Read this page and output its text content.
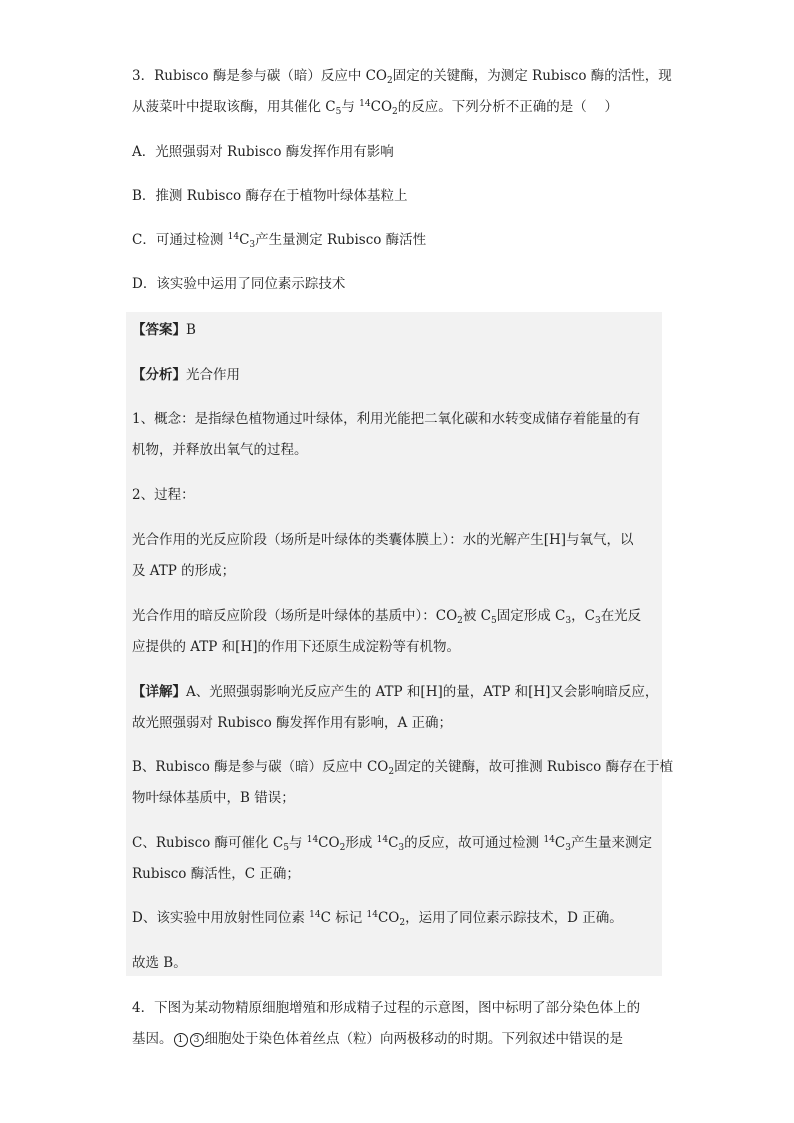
3．Rubisco 酶是参与碳（暗）反应中 $CO_2$固定的关键酶，为测定 Rubisco 酶的活性，现
从菠菜叶中提取该酶，用其催化 $C_5$与 $^{14}CO_2$的反应。下列分析不正确的是（　 ）
A．光照强弱对 Rubisco 酶发挥作用有影响
B．推测 Rubisco 酶存在于植物叶绿体基粒上
C．可通过检测 $^{14}C_3$产生量测定 Rubisco 酶活性
D．该实验中运用了同位素示踪技术
【答案】B
【分析】光合作用
1、概念：是指绿色植物通过叶绿体，利用光能把二氧化碳和水转变成储存着能量的有
机物，并释放出氧气的过程。
2、过程：
光合作用的光反应阶段（场所是叶绿体的类囊体膜上）：水的光解产生[H]与氧气，以
及 ATP 的形成；
光合作用的暗反应阶段（场所是叶绿体的基质中）：$CO_2$被 $C_5$固定形成 $C_3$，$C_3$在光反
应提供的 ATP 和[H]的作用下还原生成淀粉等有机物。
【详解】A、光照强弱影响光反应产生的 ATP 和[H]的量，ATP 和[H]又会影响暗反应，
故光照强弱对 Rubisco 酶发挥作用有影响，A 正确；
B、Rubisco 酶是参与碳（暗）反应中 $CO_2$固定的关键酶，故可推测 Rubisco 酶存在于植
物叶绿体基质中，B 错误；
C、Rubisco 酶可催化 $C_5$与 $^{14}CO_2$形成 $^{14}C_3$的反应，故可通过检测 $^{14}C_3$产生量来测定
Rubisco 酶活性，C 正确；
D、该实验中用放射性同位素 $^{14}$C 标记 $^{14}CO_2$，运用了同位素示踪技术，D 正确。
故选 B。
4．下图为某动物精原细胞增殖和形成精子过程的示意图，图中标明了部分染色体上的
基因。 1 3 细胞处于染色体着丝点（粒）向两极移动的时期。下列叙述中错误的是
